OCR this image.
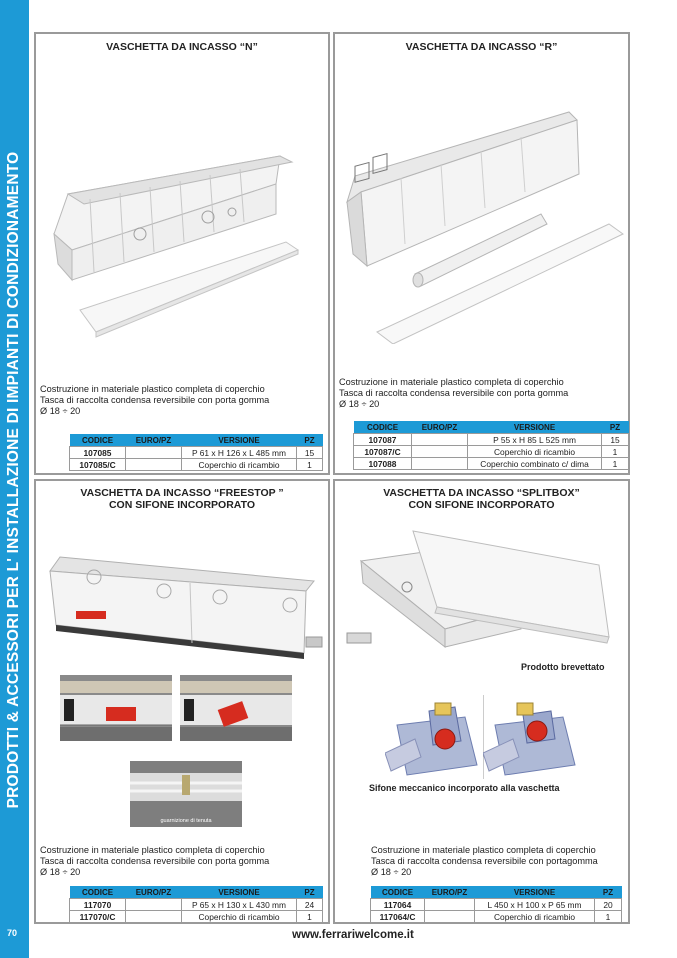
PRODOTTI & ACCESSORI PER L' INSTALLAZIONE DI IMPIANTI DI CONDIZIONAMENTO
70
VASCHETTA DA INCASSO “N”
Costruzione in materiale plastico completa di coperchio
Tasca di raccolta condensa reversibile con porta gomma
Ø 18 ÷ 20
CODICE	EURO/PZ	VERSIONE	PZ
107085		P 61 x H 126 x L 485 mm	15
107085/C		Coperchio di ricambio	1
VASCHETTA DA INCASSO “R”
Costruzione in materiale plastico completa di coperchio
Tasca di raccolta condensa reversibile con porta gomma
Ø 18 ÷ 20
CODICE	EURO/PZ	VERSIONE	PZ
107087		P 55 x H 85 L 525 mm	15
107087/C		Coperchio di ricambio	1
107088		Coperchio combinato c/ dima	1
VASCHETTA DA INCASSO “FREESTOP ”
CON SIFONE INCORPORATO
guarnizione di tenuta
Costruzione in materiale plastico completa di coperchio
Tasca di raccolta condensa reversibile con porta gomma
Ø 18 ÷ 20
CODICE	EURO/PZ	VERSIONE	PZ
117070		P 65 x H 130 x L 430 mm	24
117070/C		Coperchio di ricambio	1
VASCHETTA DA INCASSO “SPLITBOX”
CON SIFONE INCORPORATO
Prodotto brevettato
Sifone meccanico incorporato alla vaschetta
Costruzione in materiale plastico completa di coperchio
Tasca di raccolta condensa reversibile con portagomma
Ø 18 ÷ 20
CODICE	EURO/PZ	VERSIONE	PZ
117064		L 450 x H 100 x P 65 mm	20
117064/C		Coperchio di ricambio	1
www.ferrariwelcome.it
